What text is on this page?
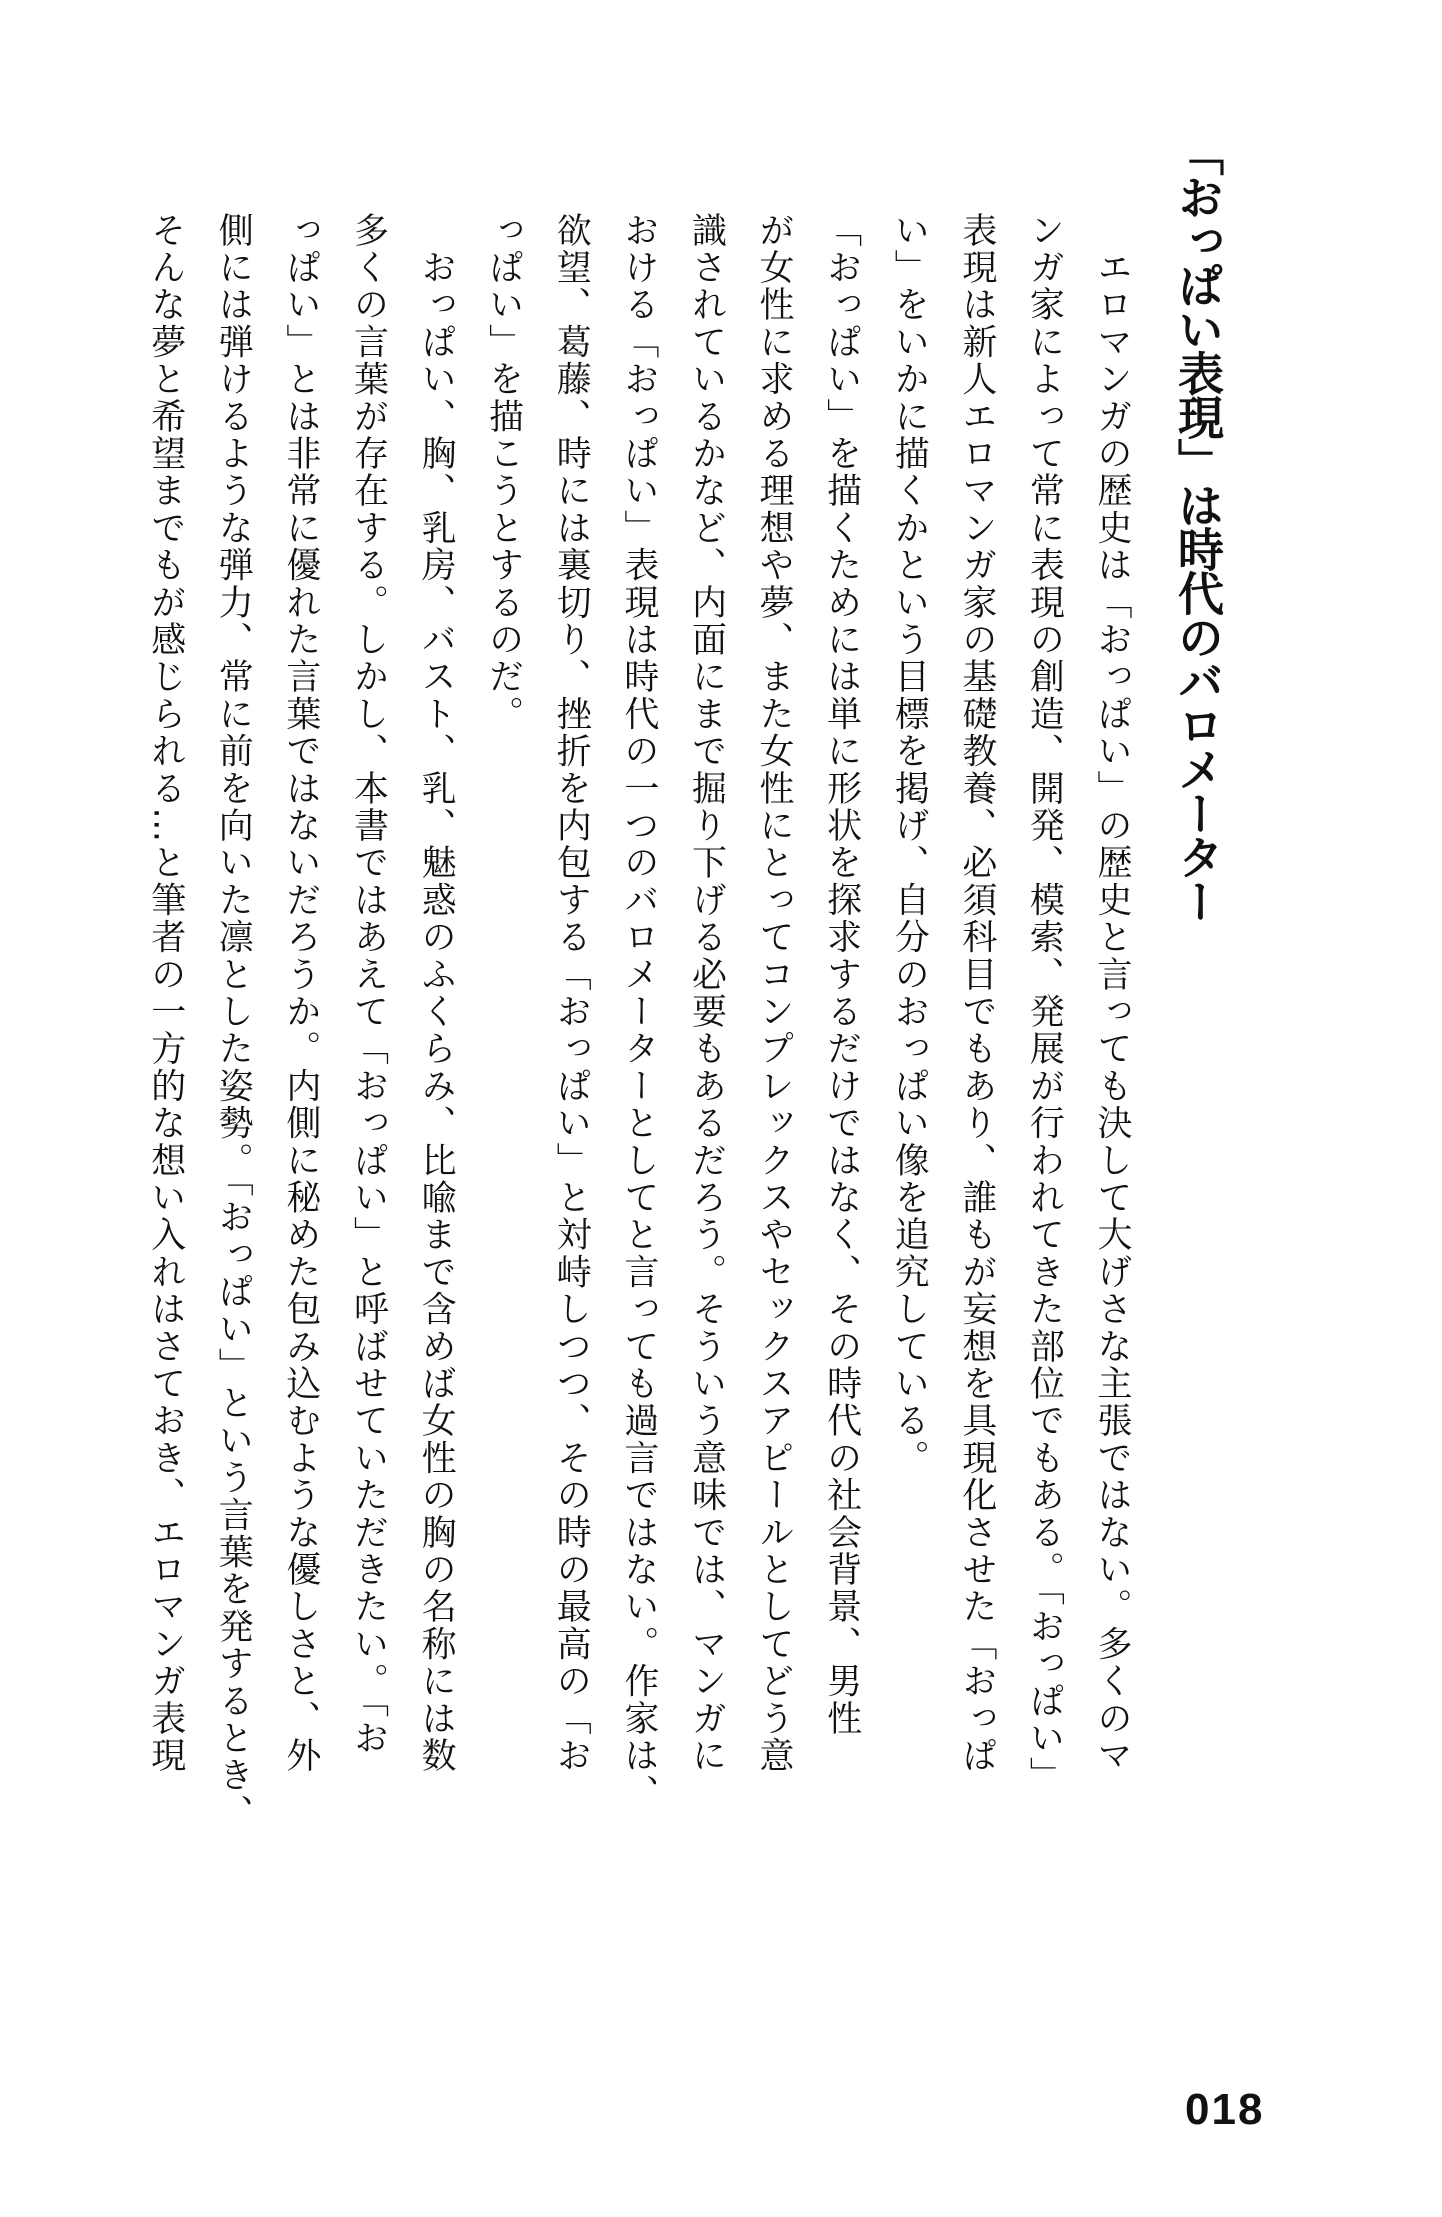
「おっぱい表現」は時代のバロメーター
　エロマンガの歴史は「おっぱい」の歴史と言っても決して大げさな主張ではない。多くのマ
ンガ家によって常に表現の創造、開発、模索、発展が行われてきた部位でもある。「おっぱい」
表現は新人エロマンガ家の基礎教養、必須科目でもあり、誰もが妄想を具現化させた「おっぱ
い」をいかに描くかという目標を掲げ、自分のおっぱい像を追究している。
「おっぱい」を描くためには単に形状を探求するだけではなく、その時代の社会背景、男性
が女性に求める理想や夢、また女性にとってコンプレックスやセックスアピールとしてどう意
識されているかなど、内面にまで掘り下げる必要もあるだろう。そういう意味では、マンガに
おける「おっぱい」表現は時代の一つのバロメーターとしてと言っても過言ではない。作家は、
欲望、葛藤、時には裏切り、挫折を内包する「おっぱい」と対峙しつつ、その時の最高の「お
っぱい」を描こうとするのだ。
　おっぱい、胸、乳房、バスト、乳、魅惑のふくらみ、比喩まで含めば女性の胸の名称には数
多くの言葉が存在する。しかし、本書ではあえて「おっぱい」と呼ばせていただきたい。「お
っぱい」とは非常に優れた言葉ではないだろうか。内側に秘めた包み込むような優しさと、外
側には弾けるような弾力、常に前を向いた凛とした姿勢。「おっぱい」という言葉を発するとき、
そんな夢と希望までもが感じられる…と筆者の一方的な想い入れはさておき、エロマンガ表現
018
